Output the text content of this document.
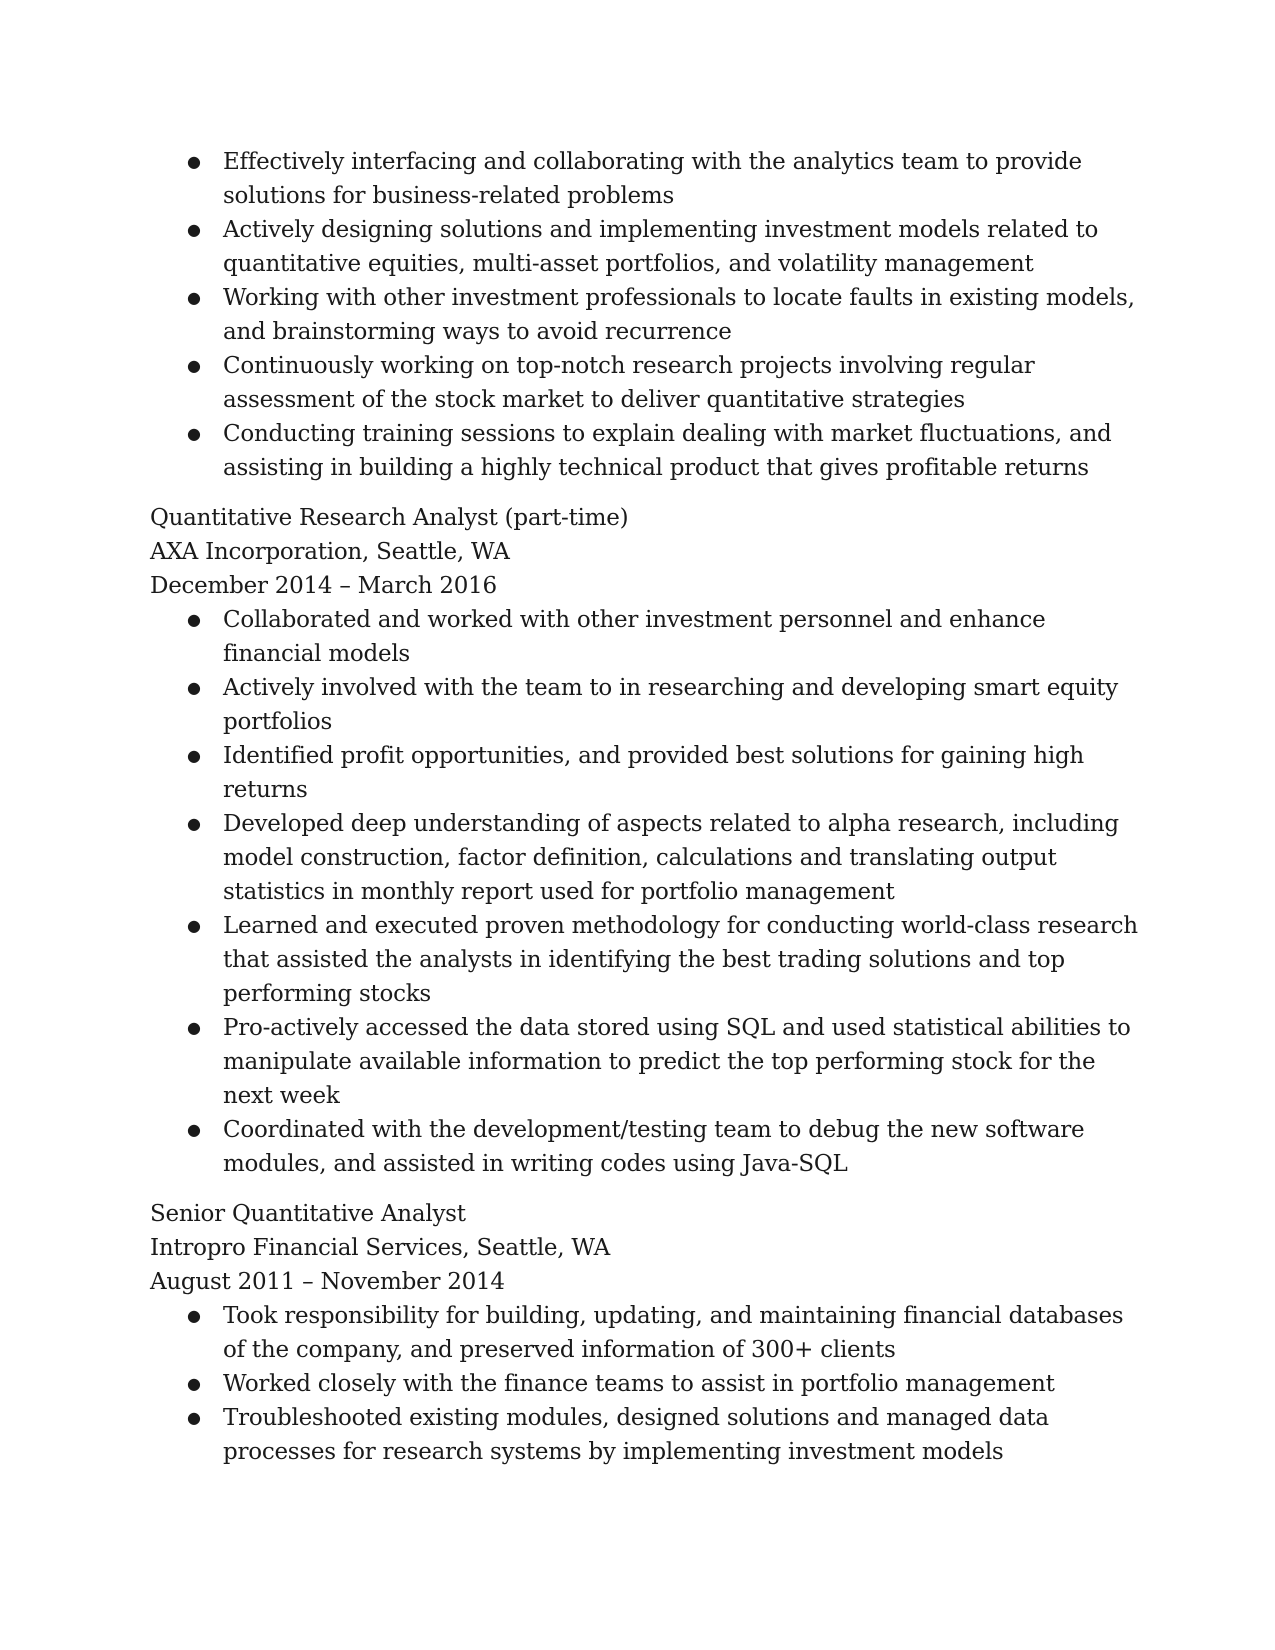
● Effectively interfacing and collaborating with the analytics team to provide solutions for business-related problems
● Actively designing solutions and implementing investment models related to quantitative equities, multi-asset portfolios, and volatility management
● Working with other investment professionals to locate faults in existing models, and brainstorming ways to avoid recurrence
● Continuously working on top-notch research projects involving regular assessment of the stock market to deliver quantitative strategies
● Conducting training sessions to explain dealing with market fluctuations, and assisting in building a highly technical product that gives profitable returns
Quantitative Research Analyst (part-time)
AXA Incorporation, Seattle, WA
December 2014 – March 2016
● Collaborated and worked with other investment personnel and enhance financial models
● Actively involved with the team to in researching and developing smart equity portfolios
● Identified profit opportunities, and provided best solutions for gaining high returns
● Developed deep understanding of aspects related to alpha research, including model construction, factor definition, calculations and translating output statistics in monthly report used for portfolio management
● Learned and executed proven methodology for conducting world-class research that assisted the analysts in identifying the best trading solutions and top performing stocks
● Pro-actively accessed the data stored using SQL and used statistical abilities to manipulate available information to predict the top performing stock for the next week
● Coordinated with the development/testing team to debug the new software modules, and assisted in writing codes using Java-SQL
Senior Quantitative Analyst
Intropro Financial Services, Seattle, WA
August 2011 – November 2014
● Took responsibility for building, updating, and maintaining financial databases of the company, and preserved information of 300+ clients
● Worked closely with the finance teams to assist in portfolio management
● Troubleshooted existing modules, designed solutions and managed data processes for research systems by implementing investment models
